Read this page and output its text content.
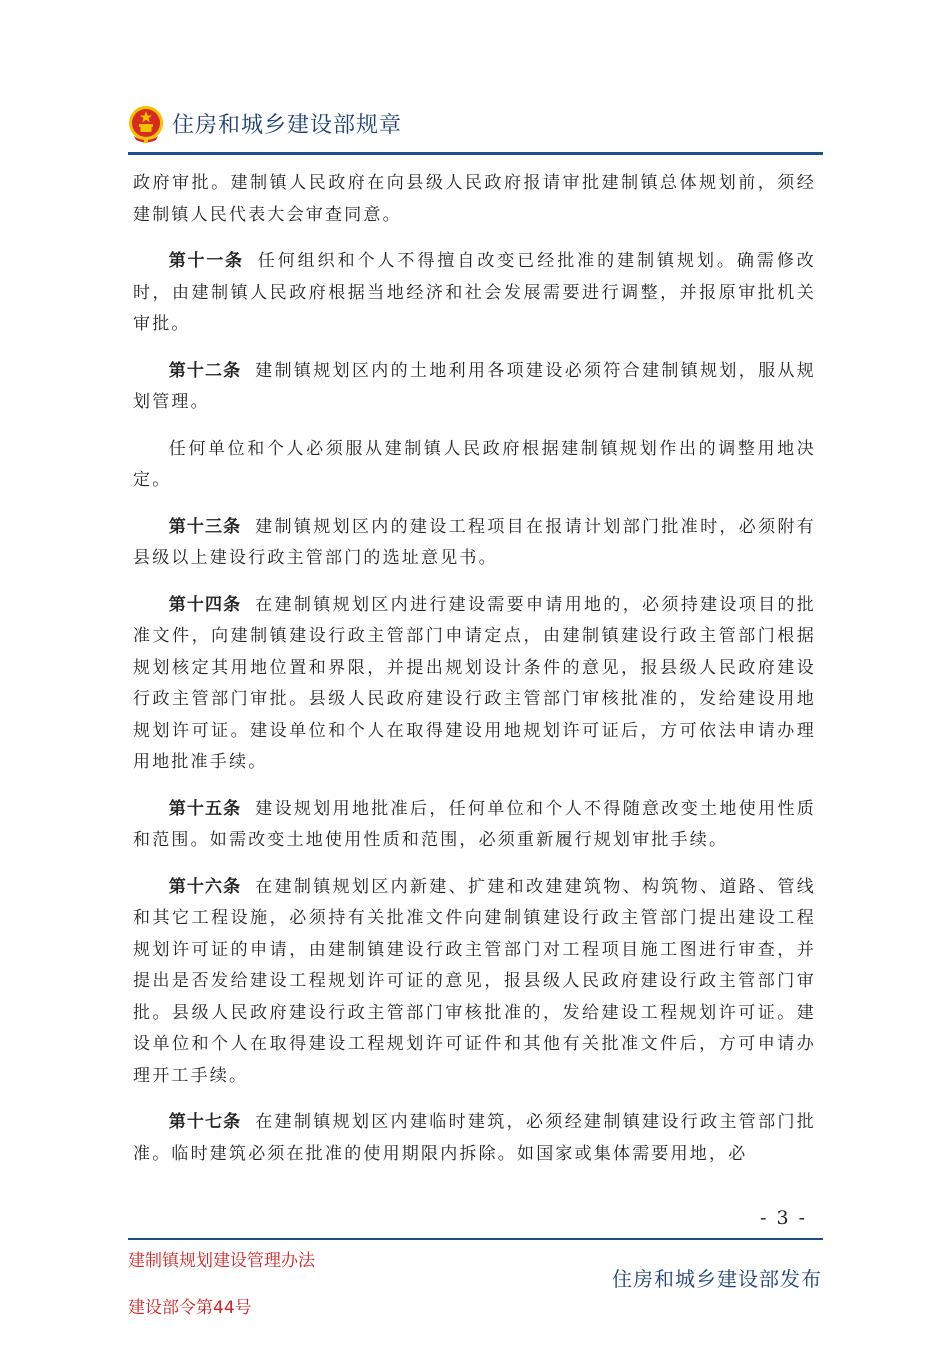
住房和城乡建设部规章

政府审批。建制镇人民政府在向县级人民政府报请审批建制镇总体规划前，须经建制镇人民代表大会审查同意。

第十一条 任何组织和个人不得擅自改变已经批准的建制镇规划。确需修改时，由建制镇人民政府根据当地经济和社会发展需要进行调整，并报原审批机关审批。

第十二条 建制镇规划区内的土地利用各项建设必须符合建制镇规划，服从规划管理。

任何单位和个人必须服从建制镇人民政府根据建制镇规划作出的调整用地决定。

第十三条 建制镇规划区内的建设工程项目在报请计划部门批准时，必须附有县级以上建设行政主管部门的选址意见书。

第十四条 在建制镇规划区内进行建设需要申请用地的，必须持建设项目的批准文件，向建制镇建设行政主管部门申请定点，由建制镇建设行政主管部门根据规划核定其用地位置和界限，并提出规划设计条件的意见，报县级人民政府建设行政主管部门审批。县级人民政府建设行政主管部门审核批准的，发给建设用地规划许可证。建设单位和个人在取得建设用地规划许可证后，方可依法申请办理用地批准手续。

第十五条 建设规划用地批准后，任何单位和个人不得随意改变土地使用性质和范围。如需改变土地使用性质和范围，必须重新履行规划审批手续。

第十六条 在建制镇规划区内新建、扩建和改建建筑物、构筑物、道路、管线和其它工程设施，必须持有关批准文件向建制镇建设行政主管部门提出建设工程规划许可证的申请，由建制镇建设行政主管部门对工程项目施工图进行审查，并提出是否发给建设工程规划许可证的意见，报县级人民政府建设行政主管部门审批。县级人民政府建设行政主管部门审核批准的，发给建设工程规划许可证。建设单位和个人在取得建设工程规划许可证件和其他有关批准文件后，方可申请办理开工手续。

第十七条 在建制镇规划区内建临时建筑，必须经建制镇建设行政主管部门批准。临时建筑必须在批准的使用期限内拆除。如国家或集体需要用地，必

- 3 -
建制镇规划建设管理办法
建设部令第44号
住房和城乡建设部发布
